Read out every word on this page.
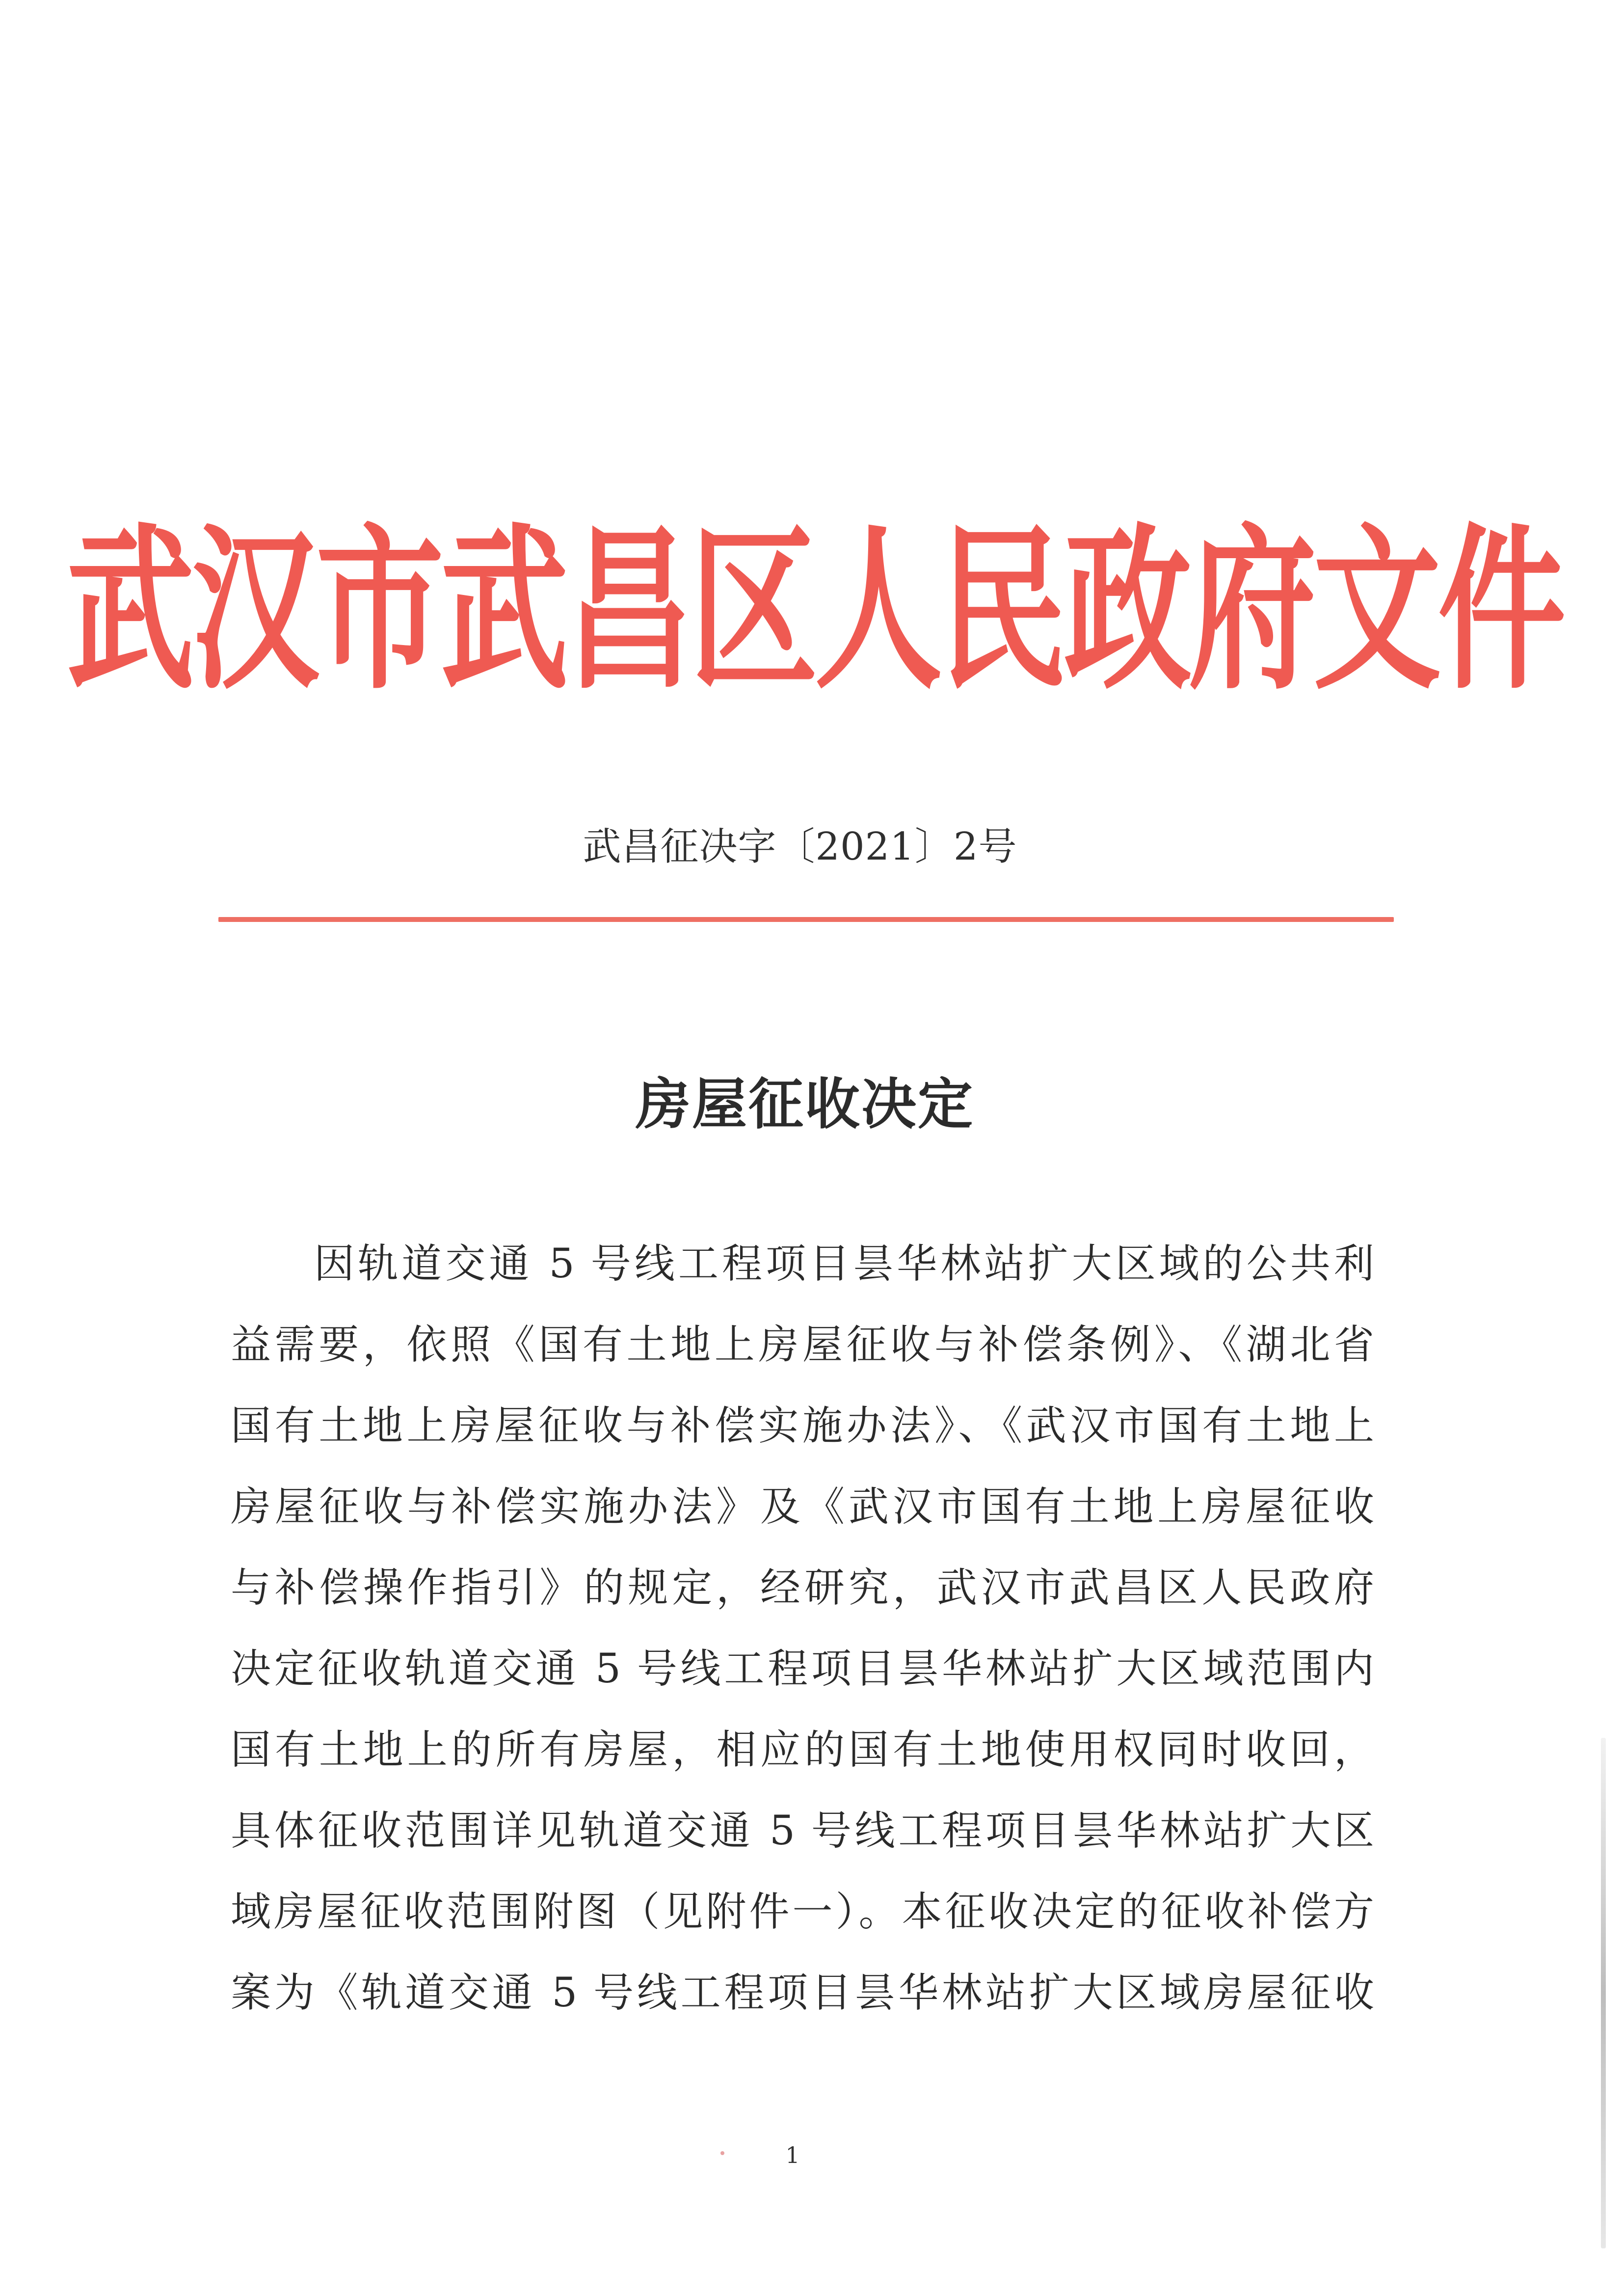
武汉市武昌区人民政府文件
武昌征决字〔2021〕2号
房屋征收决定
因轨道交通 5 号线工程项目昙华林站扩大区域的公共利
益需要，依照《国有土地上房屋征收与补偿条例》、《湖北省
国有土地上房屋征收与补偿实施办法》、《武汉市国有土地上
房屋征收与补偿实施办法》及《武汉市国有土地上房屋征收
与补偿操作指引》的规定，经研究，武汉市武昌区人民政府
决定征收轨道交通 5 号线工程项目昙华林站扩大区域范围内
国有土地上的所有房屋，相应的国有土地使用权同时收回，
具体征收范围详见轨道交通 5 号线工程项目昙华林站扩大区
域房屋征收范围附图（见附件一）。本征收决定的征收补偿方
案为《轨道交通 5 号线工程项目昙华林站扩大区域房屋征收
1
